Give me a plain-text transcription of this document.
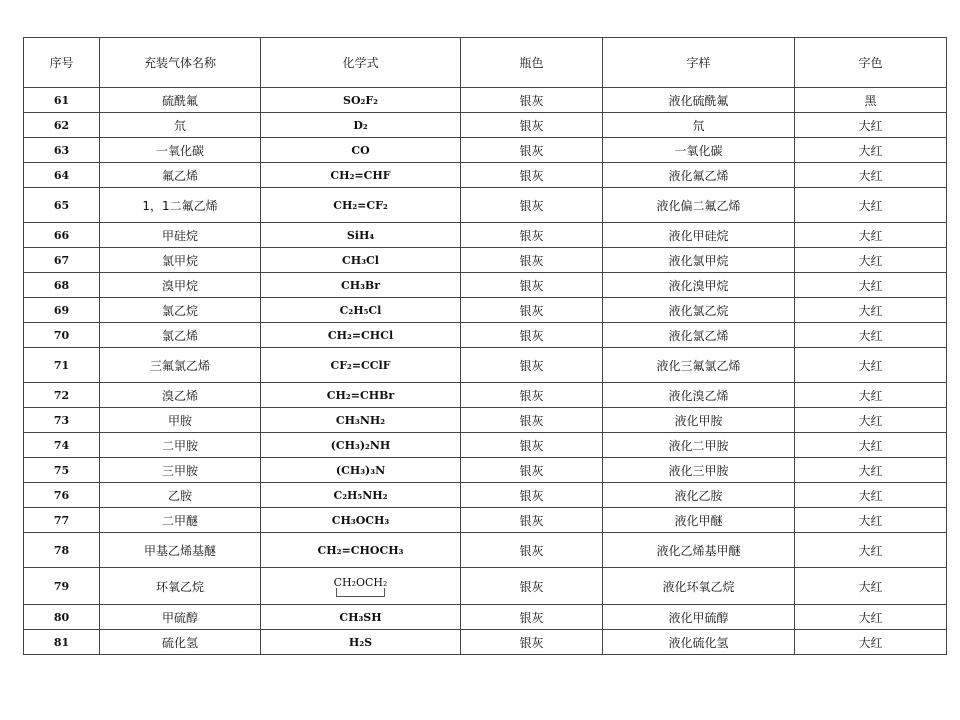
序号	充装气体名称	化学式	瓶色	字样	字色
61	硫酰氟	SO₂F₂	银灰	液化硫酰氟	黑
62	氘	D₂	银灰	氘	大红
63	一氧化碳	CO	银灰	一氧化碳	大红
64	氟乙烯	CH₂=CHF	银灰	液化氟乙烯	大红
65	1，1二氟乙烯	CH₂=CF₂	银灰	液化偏二氟乙烯	大红
66	甲硅烷	SiH₄	银灰	液化甲硅烷	大红
67	氯甲烷	CH₃Cl	银灰	液化氯甲烷	大红
68	溴甲烷	CH₃Br	银灰	液化溴甲烷	大红
69	氯乙烷	C₂H₅Cl	银灰	液化氯乙烷	大红
70	氯乙烯	CH₂=CHCl	银灰	液化氯乙烯	大红
71	三氟氯乙烯	CF₂=CClF	银灰	液化三氟氯乙烯	大红
72	溴乙烯	CH₂=CHBr	银灰	液化溴乙烯	大红
73	甲胺	CH₃NH₂	银灰	液化甲胺	大红
74	二甲胺	(CH₃)₂NH	银灰	液化二甲胺	大红
75	三甲胺	(CH₃)₃N	银灰	液化三甲胺	大红
76	乙胺	C₂H₅NH₂	银灰	液化乙胺	大红
77	二甲醚	CH₃OCH₃	银灰	液化甲醚	大红
78	甲基乙烯基醚	CH₂=CHOCH₃	银灰	液化乙烯基甲醚	大红
79	环氧乙烷	CH₂OCH₂	银灰	液化环氧乙烷	大红
80	甲硫醇	CH₃SH	银灰	液化甲硫醇	大红
81	硫化氢	H₂S	银灰	液化硫化氢	大红
